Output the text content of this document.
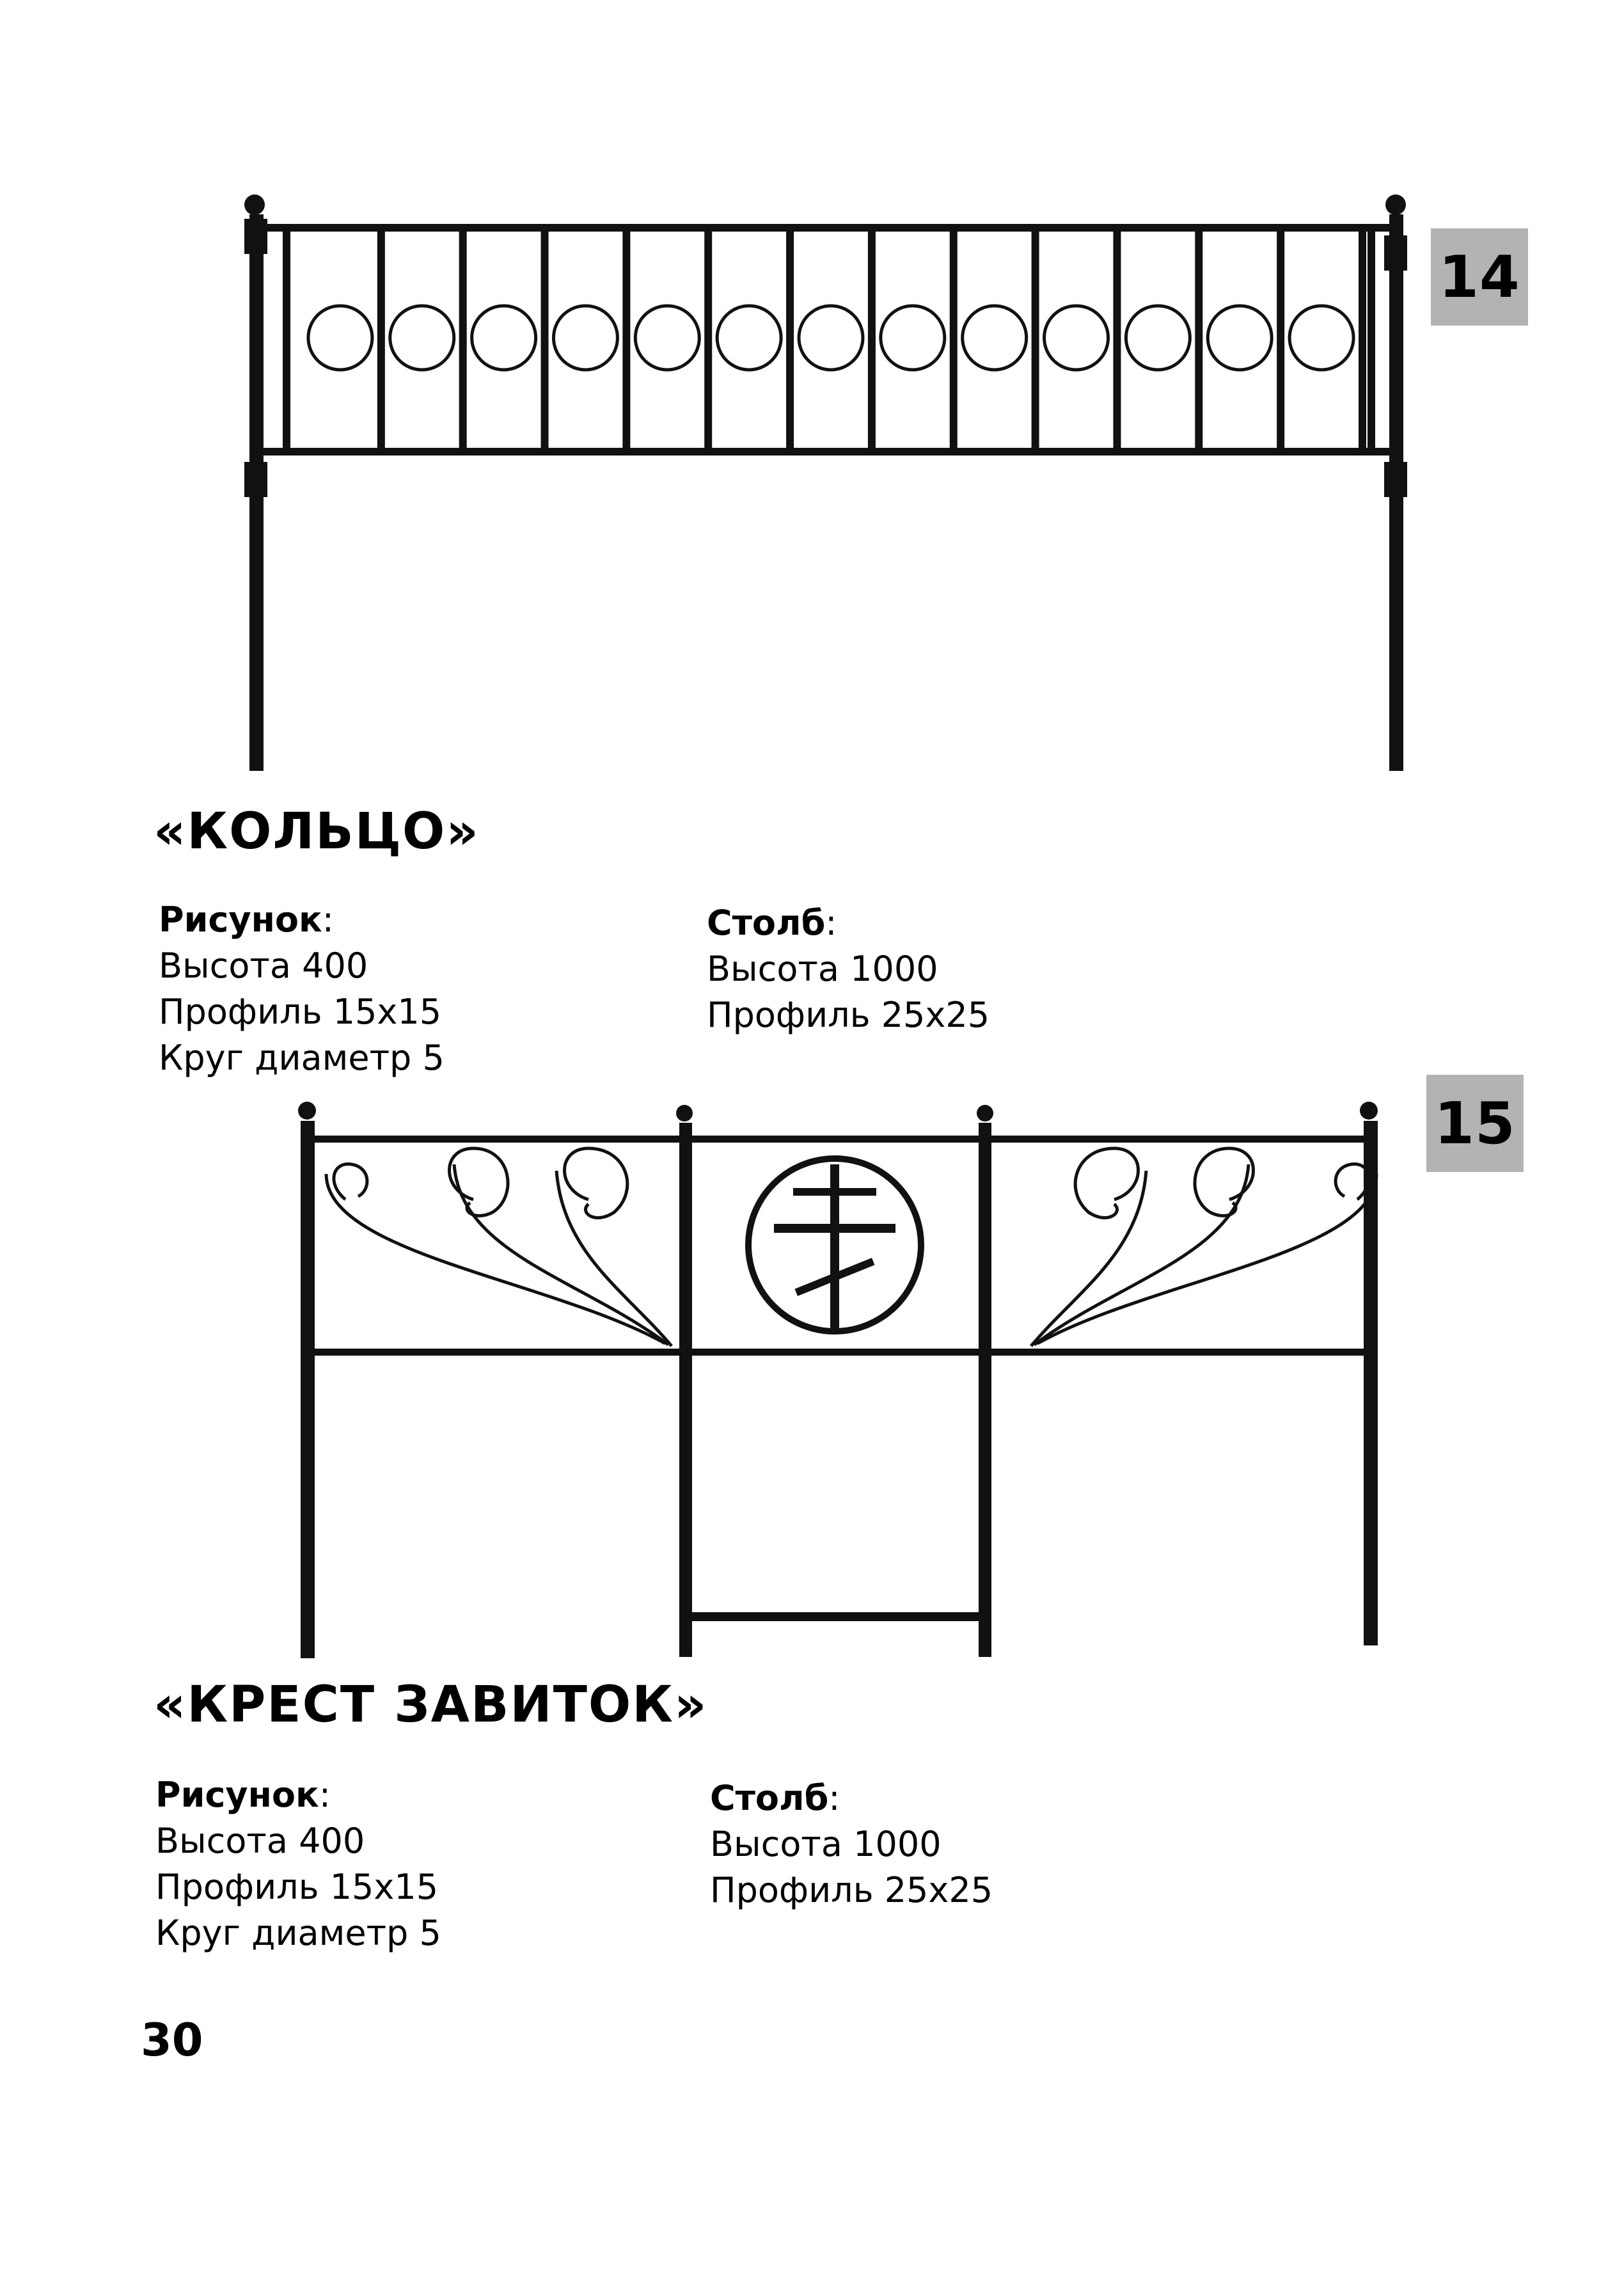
14
«КОЛЬЦО»
Рисунок:
Высота 400
Профиль 15x15
Круг диаметр 5
Столб:
Высота 1000
Профиль 25x25
15
«КРЕСТ ЗАВИТОК»
Рисунок:
Высота 400
Профиль 15x15
Круг диаметр 5
Столб:
Высота 1000
Профиль 25x25
30
